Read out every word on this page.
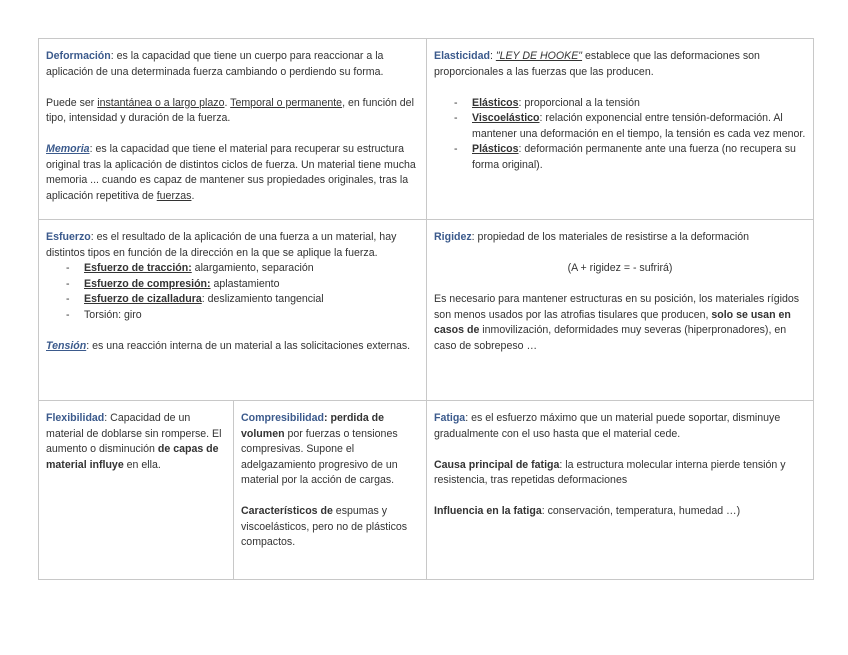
Deformación: es la capacidad que tiene un cuerpo para reaccionar a la aplicación de una determinada fuerza cambiando o perdiendo su forma.

Puede ser instantánea o a largo plazo. Temporal o permanente, en función del tipo, intensidad y duración de la fuerza.

Memoria: es la capacidad que tiene el material para recuperar su estructura original tras la aplicación de distintos ciclos de fuerza. Un material tiene mucha memoria ... cuando es capaz de mantener sus propiedades originales, tras la aplicación repetitiva de fuerzas.

Elasticidad: "LEY DE HOOKE" establece que las deformaciones son proporcionales a las fuerzas que las producen.

- Elásticos: proporcional a la tensión
- Viscoelástico: relación exponencial entre tensión-deformación. Al mantener una deformación en el tiempo, la tensión es cada vez menor.
- Plásticos: deformación permanente ante una fuerza (no recupera su forma original).

Esfuerzo: es el resultado de la aplicación de una fuerza a un material, hay distintos tipos en función de la dirección en la que se aplique la fuerza.

- Esfuerzo de tracción: alargamiento, separación
- Esfuerzo de compresión: aplastamiento
- Esfuerzo de cizalladura: deslizamiento tangencial
- Torsión: giro

Tensión: es una reacción interna de un material a las solicitaciones externas.

Rigidez: propiedad de los materiales de resistirse a la deformación

(A + rigidez = - sufrirá)

Es necesario para mantener estructuras en su posición, los materiales rígidos son menos usados por las atrofias tisulares que producen, solo se usan en casos de inmovilización, deformidades muy severas (hiperpronadores), en caso de sobrepeso …

Flexibilidad: Capacidad de un material de doblarse sin romperse. El aumento o disminución de capas de material influye en ella.

Compresibilidad: perdida de volumen por fuerzas o tensiones compresivas. Supone el adelgazamiento progresivo de un material por la acción de cargas.

Característicos de espumas y viscoelásticos, pero no de plásticos compactos.

Fatiga: es el esfuerzo máximo que un material puede soportar, disminuye gradualmente con el uso hasta que el material cede.

Causa principal de fatiga: la estructura molecular interna pierde tensión y resistencia, tras repetidas deformaciones

Influencia en la fatiga: conservación, temperatura, humedad …)
